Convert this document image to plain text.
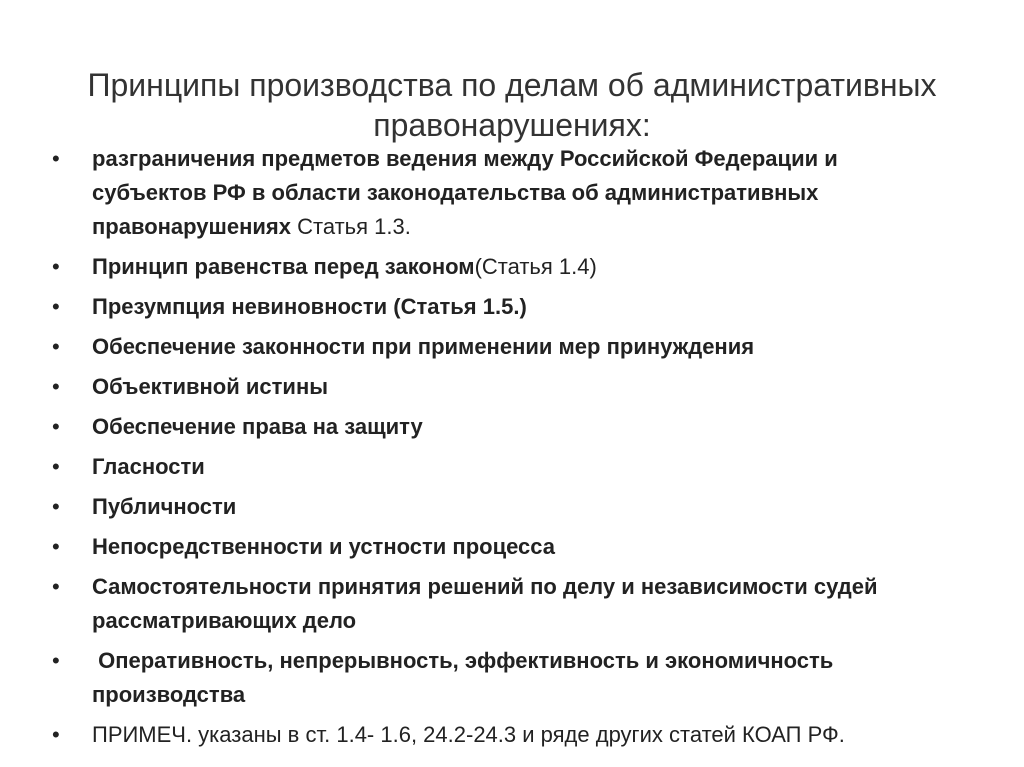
Принципы производства по делам об административных
правонарушениях:
•	разграничения предметов ведения между Российской Федерации и
субъектов РФ в области законодательства об административных
правонарушениях Статья 1.3.
•	Принцип равенства перед законом(Статья 1.4)
•	Презумпция невиновности (Статья 1.5.)
•	Обеспечение законности при применении мер принуждения
•	Объективной истины
•	Обеспечение права на защиту
•	Гласности
•	Публичности
•	Непосредственности и устности процесса
•	Самостоятельности принятия решений по делу и независимости судей
рассматривающих дело
•	Оперативность, непрерывность, эффективность и экономичность
производства
•	ПРИМЕЧ. указаны в ст. 1.4- 1.6, 24.2-24.3 и ряде других статей КОАП РФ.
